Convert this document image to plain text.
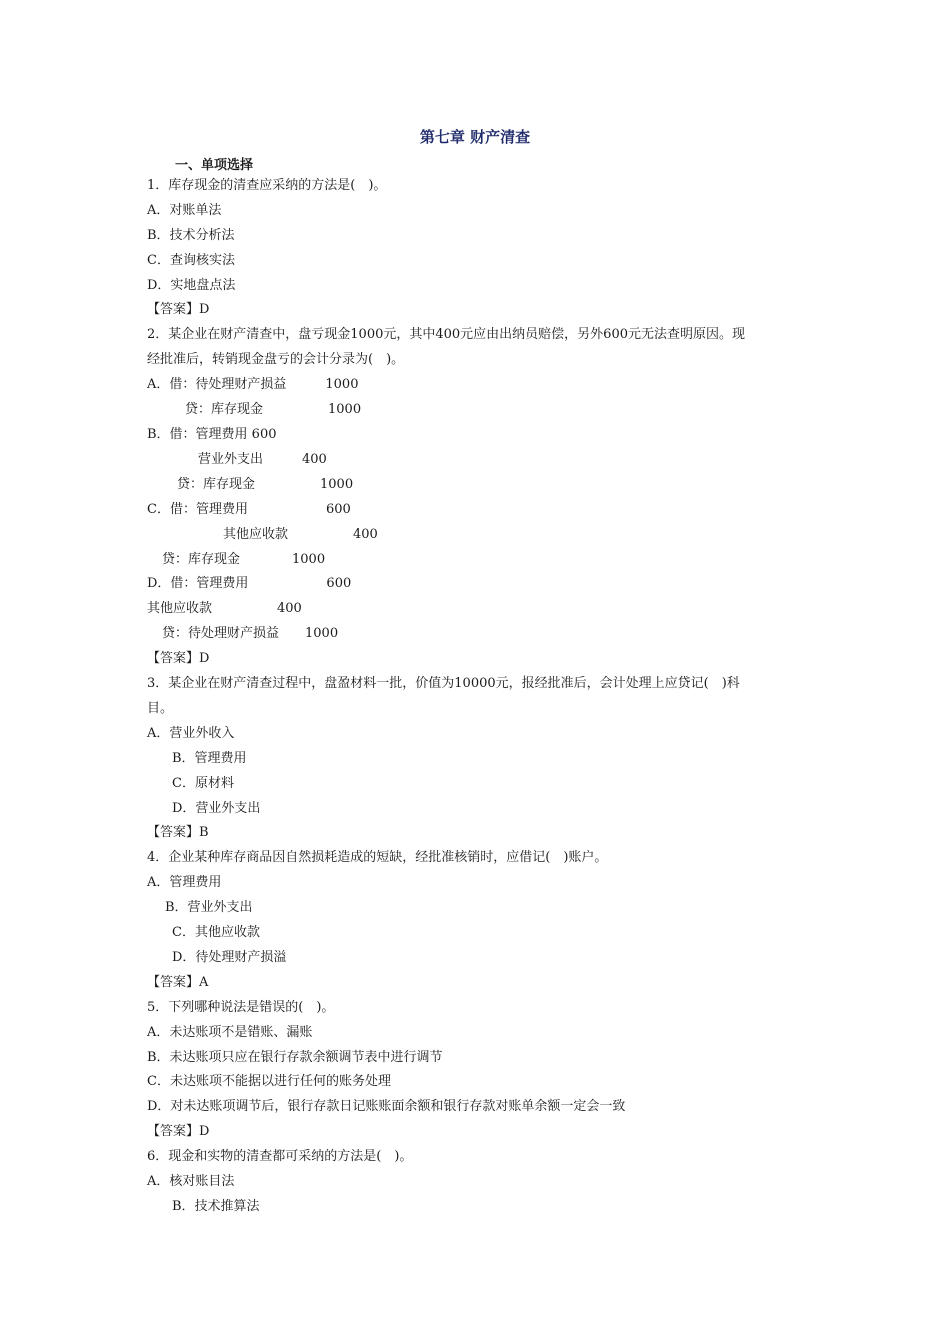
第七章 财产清查
一、单项选择
1．库存现金的清查应采纳的方法是(　)。
A．对账单法
B．技术分析法
C．查询核实法
D．实地盘点法
【答案】D
2．某企业在财产清查中，盘亏现金1000元，其中400元应由出纳员赔偿，另外600元无法查明原因。现
经批准后，转销现金盘亏的会计分录为(　)。
A．借：待处理财产损益　　　1000
贷：库存现金　　　　　1000
B．借：管理费用 600
营业外支出　　　400
贷：库存现金　　　　　1000
C．借：管理费用　　　　　　600
其他应收款　　　　　400
贷：库存现金　　　　1000
D．借：管理费用　　　　　　600
其他应收款　　　　　400
贷：待处理财产损益　　1000
【答案】D
3．某企业在财产清查过程中，盘盈材料一批，价值为10000元，报经批准后，会计处理上应贷记(　)科
目。
A．营业外收入
B．管理费用
C．原材料
D．营业外支出
【答案】B
4．企业某种库存商品因自然损耗造成的短缺，经批准核销时，应借记(　)账户。
A．管理费用
B．营业外支出
C．其他应收款
D．待处理财产损溢
【答案】A
5．下列哪种说法是错误的(　)。
A．未达账项不是错账、漏账
B．未达账项只应在银行存款余额调节表中进行调节
C．未达账项不能据以进行任何的账务处理
D．对未达账项调节后，银行存款日记账账面余额和银行存款对账单余额一定会一致
【答案】D
6．现金和实物的清查都可采纳的方法是(　)。
A．核对账目法
B．技术推算法
